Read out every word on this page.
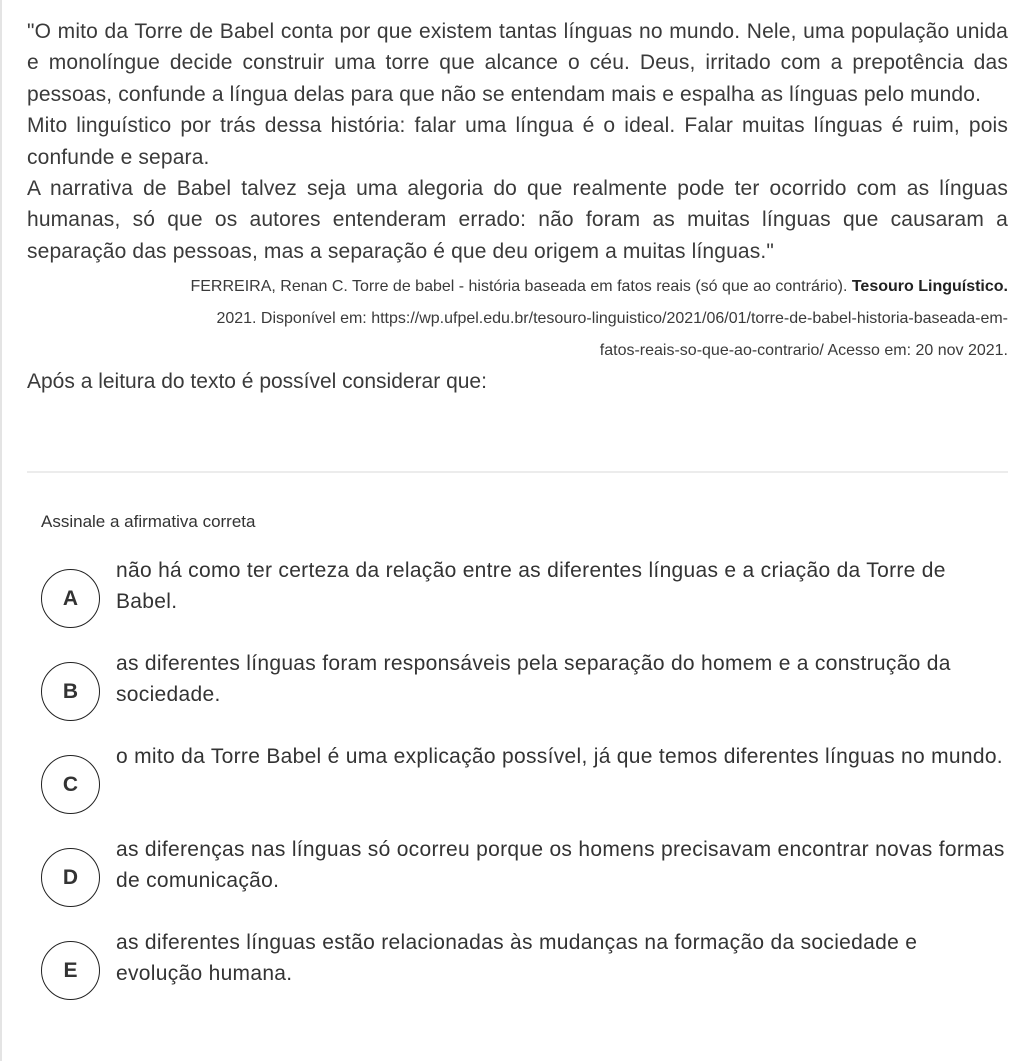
"O mito da Torre de Babel conta por que existem tantas línguas no mundo. Nele, uma população unida e monolíngue decide construir uma torre que alcance o céu. Deus, irritado com a prepotência das pessoas, confunde a língua delas para que não se entendam mais e espalha as línguas pelo mundo.

Mito linguístico por trás dessa história: falar uma língua é o ideal. Falar muitas línguas é ruim, pois confunde e separa.

A narrativa de Babel talvez seja uma alegoria do que realmente pode ter ocorrido com as línguas humanas, só que os autores entenderam errado: não foram as muitas línguas que causaram a separação das pessoas, mas a separação é que deu origem a muitas línguas."

FERREIRA, Renan C. Torre de babel - história baseada em fatos reais (só que ao contrário). Tesouro Linguístico.
2021. Disponível em: https://wp.ufpel.edu.br/tesouro-linguistico/2021/06/01/torre-de-babel-historia-baseada-em-
fatos-reais-so-que-ao-contrario/ Acesso em: 20 nov 2021.

Após a leitura do texto é possível considerar que:

Assinale a afirmativa correta
A
não há como ter certeza da relação entre as diferentes línguas e a criação da Torre de Babel.
B
as diferentes línguas foram responsáveis pela separação do homem e a construção da sociedade.
C
o mito da Torre Babel é uma explicação possível, já que temos diferentes línguas no mundo.
D
as diferenças nas línguas só ocorreu porque os homens precisavam encontrar novas formas de comunicação.
E
as diferentes línguas estão relacionadas às mudanças na formação da sociedade e evolução humana.
